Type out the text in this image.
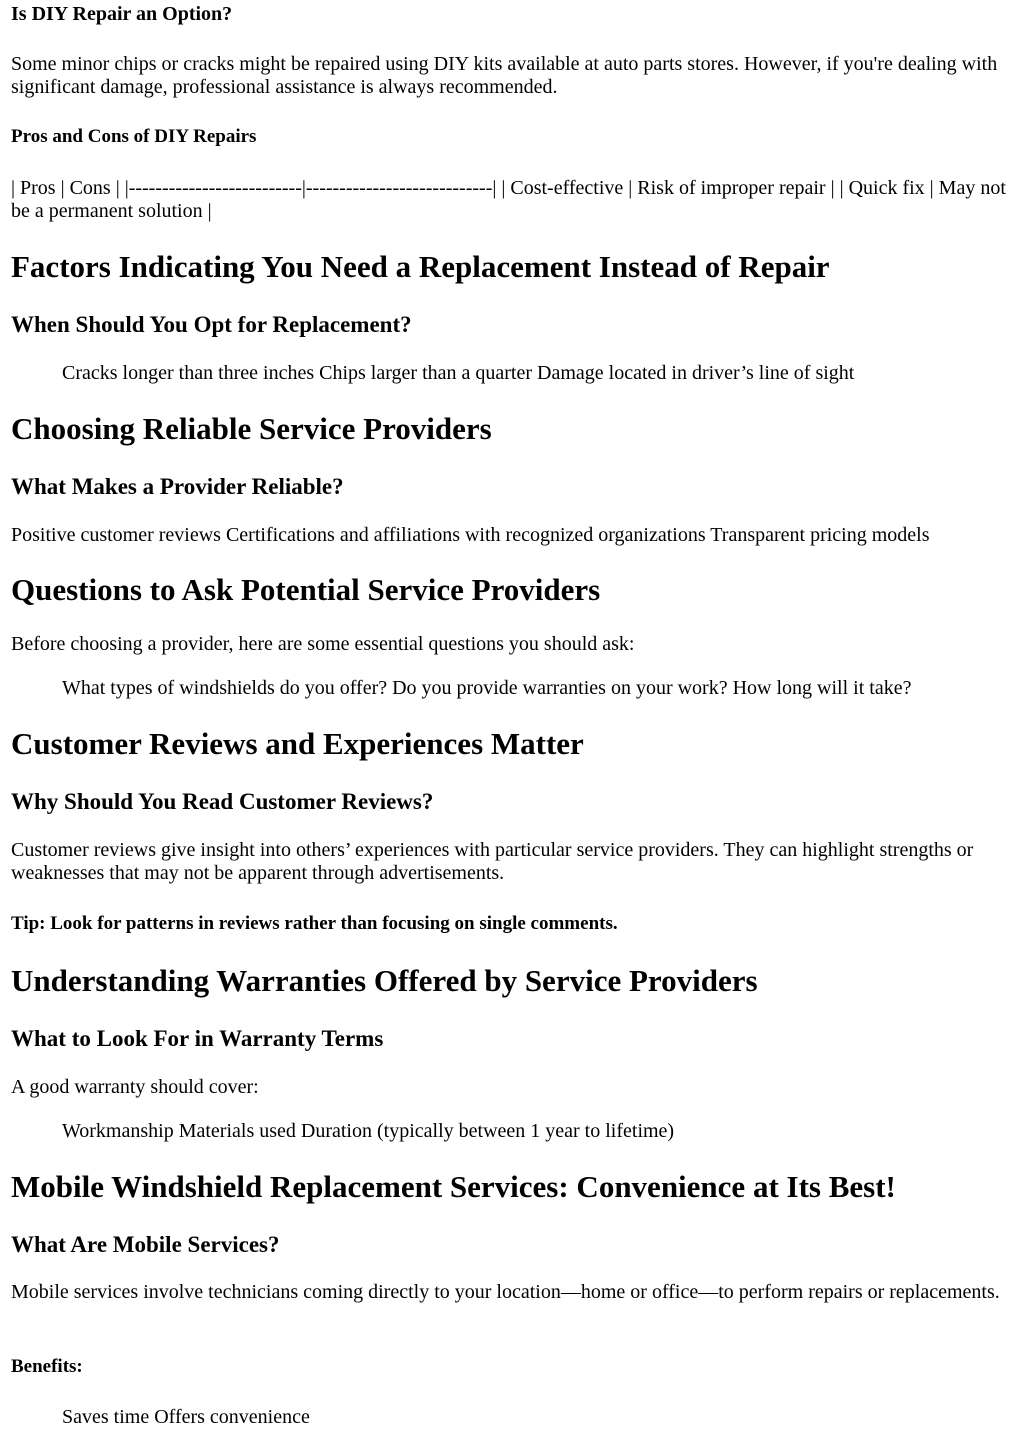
Is DIY Repair an Option?

Some minor chips or cracks might be repaired using DIY kits available at auto parts stores. However, if you're dealing with significant damage, professional assistance is always recommended.

Pros and Cons of DIY Repairs

| Pros | Cons | |--------------------------|----------------------------| | Cost-effective | Risk of improper repair | | Quick fix | May not be a permanent solution |

Factors Indicating You Need a Replacement Instead of Repair
When Should You Opt for Replacement?

Cracks longer than three inches Chips larger than a quarter Damage located in driver’s line of sight

Choosing Reliable Service Providers
What Makes a Provider Reliable?

Positive customer reviews Certifications and affiliations with recognized organizations Transparent pricing models

Questions to Ask Potential Service Providers

Before choosing a provider, here are some essential questions you should ask:

What types of windshields do you offer? Do you provide warranties on your work? How long will it take?

Customer Reviews and Experiences Matter
Why Should You Read Customer Reviews?

Customer reviews give insight into others’ experiences with particular service providers. They can highlight strengths or weaknesses that may not be apparent through advertisements.

Tip: Look for patterns in reviews rather than focusing on single comments.
Understanding Warranties Offered by Service Providers
What to Look For in Warranty Terms

A good warranty should cover:

Workmanship Materials used Duration (typically between 1 year to lifetime)

Mobile Windshield Replacement Services: Convenience at Its Best!
What Are Mobile Services?

Mobile services involve technicians coming directly to your location—home or office—to perform repairs or replacements.

Benefits:

Saves time Offers convenience
